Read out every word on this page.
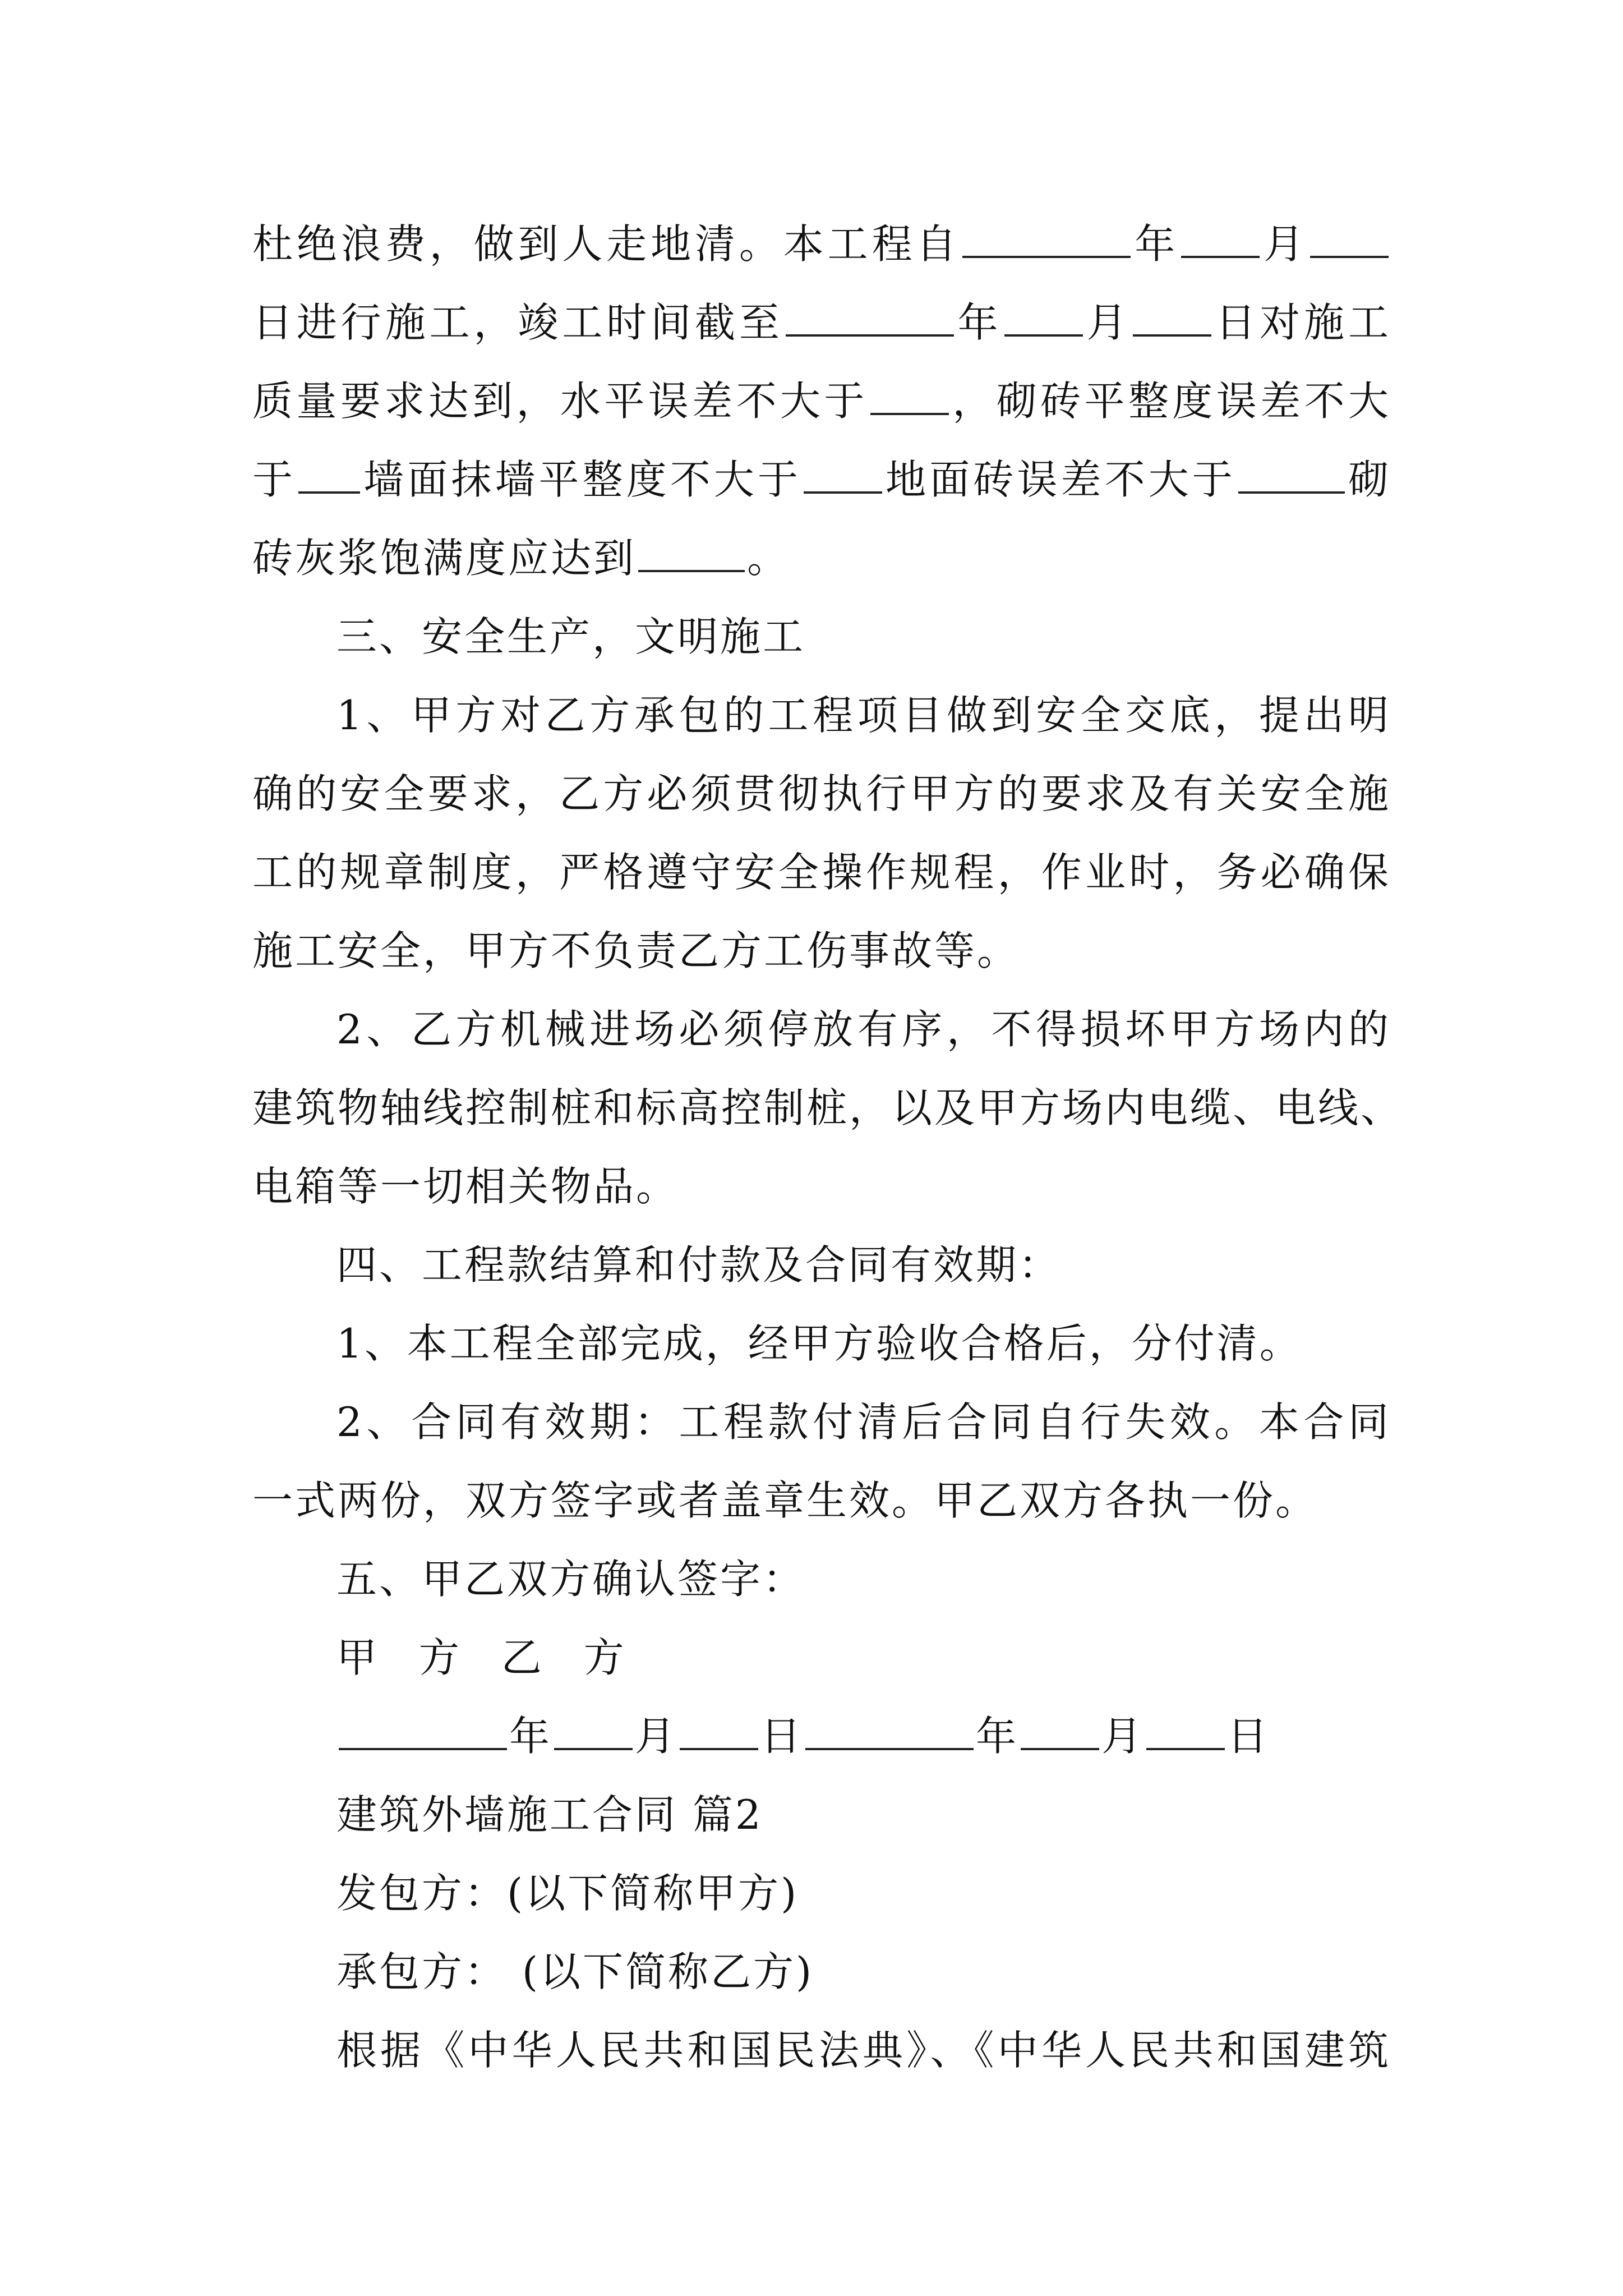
杜绝浪费，做到人走地清。本工程自	年 月
日进行施工，竣工时间截至	年 月 日对施工
质量要求达到，水平误差不大于 ，砌砖平整度误差不大
于 墙面抹墙平整度不大于 地面砖误差不大于	砌
砖灰浆饱满度应达到	。
三、安全生产，文明施工
1、甲方对乙方承包的工程项目做到安全交底，提出明
确的安全要求，乙方必须贯彻执行甲方的要求及有关安全施
工的规章制度，严格遵守安全操作规程，作业时，务必确保
施工安全，甲方不负责乙方工伤事故等。
2、乙方机械进场必须停放有序，不得损坏甲方场内的
建筑物轴线控制桩和标高控制桩，以及甲方场内电缆、电线、
电箱等一切相关物品。
四、工程款结算和付款及合同有效期：
1、本工程全部完成，经甲方验收合格后，分付清。
2、合同有效期：工程款付清后合同自行失效。本合同
一式两份，双方签字或者盖章生效。甲乙双方各执一份。
五、甲乙双方确认签字：
甲 方 乙 方
年 月 日	年 月 日
建筑外墙施工合同 篇2
发包方：(以下简称甲方)
承包方： (以下简称乙方)
根据《中华人民共和国民法典》、《中华人民共和国建筑
